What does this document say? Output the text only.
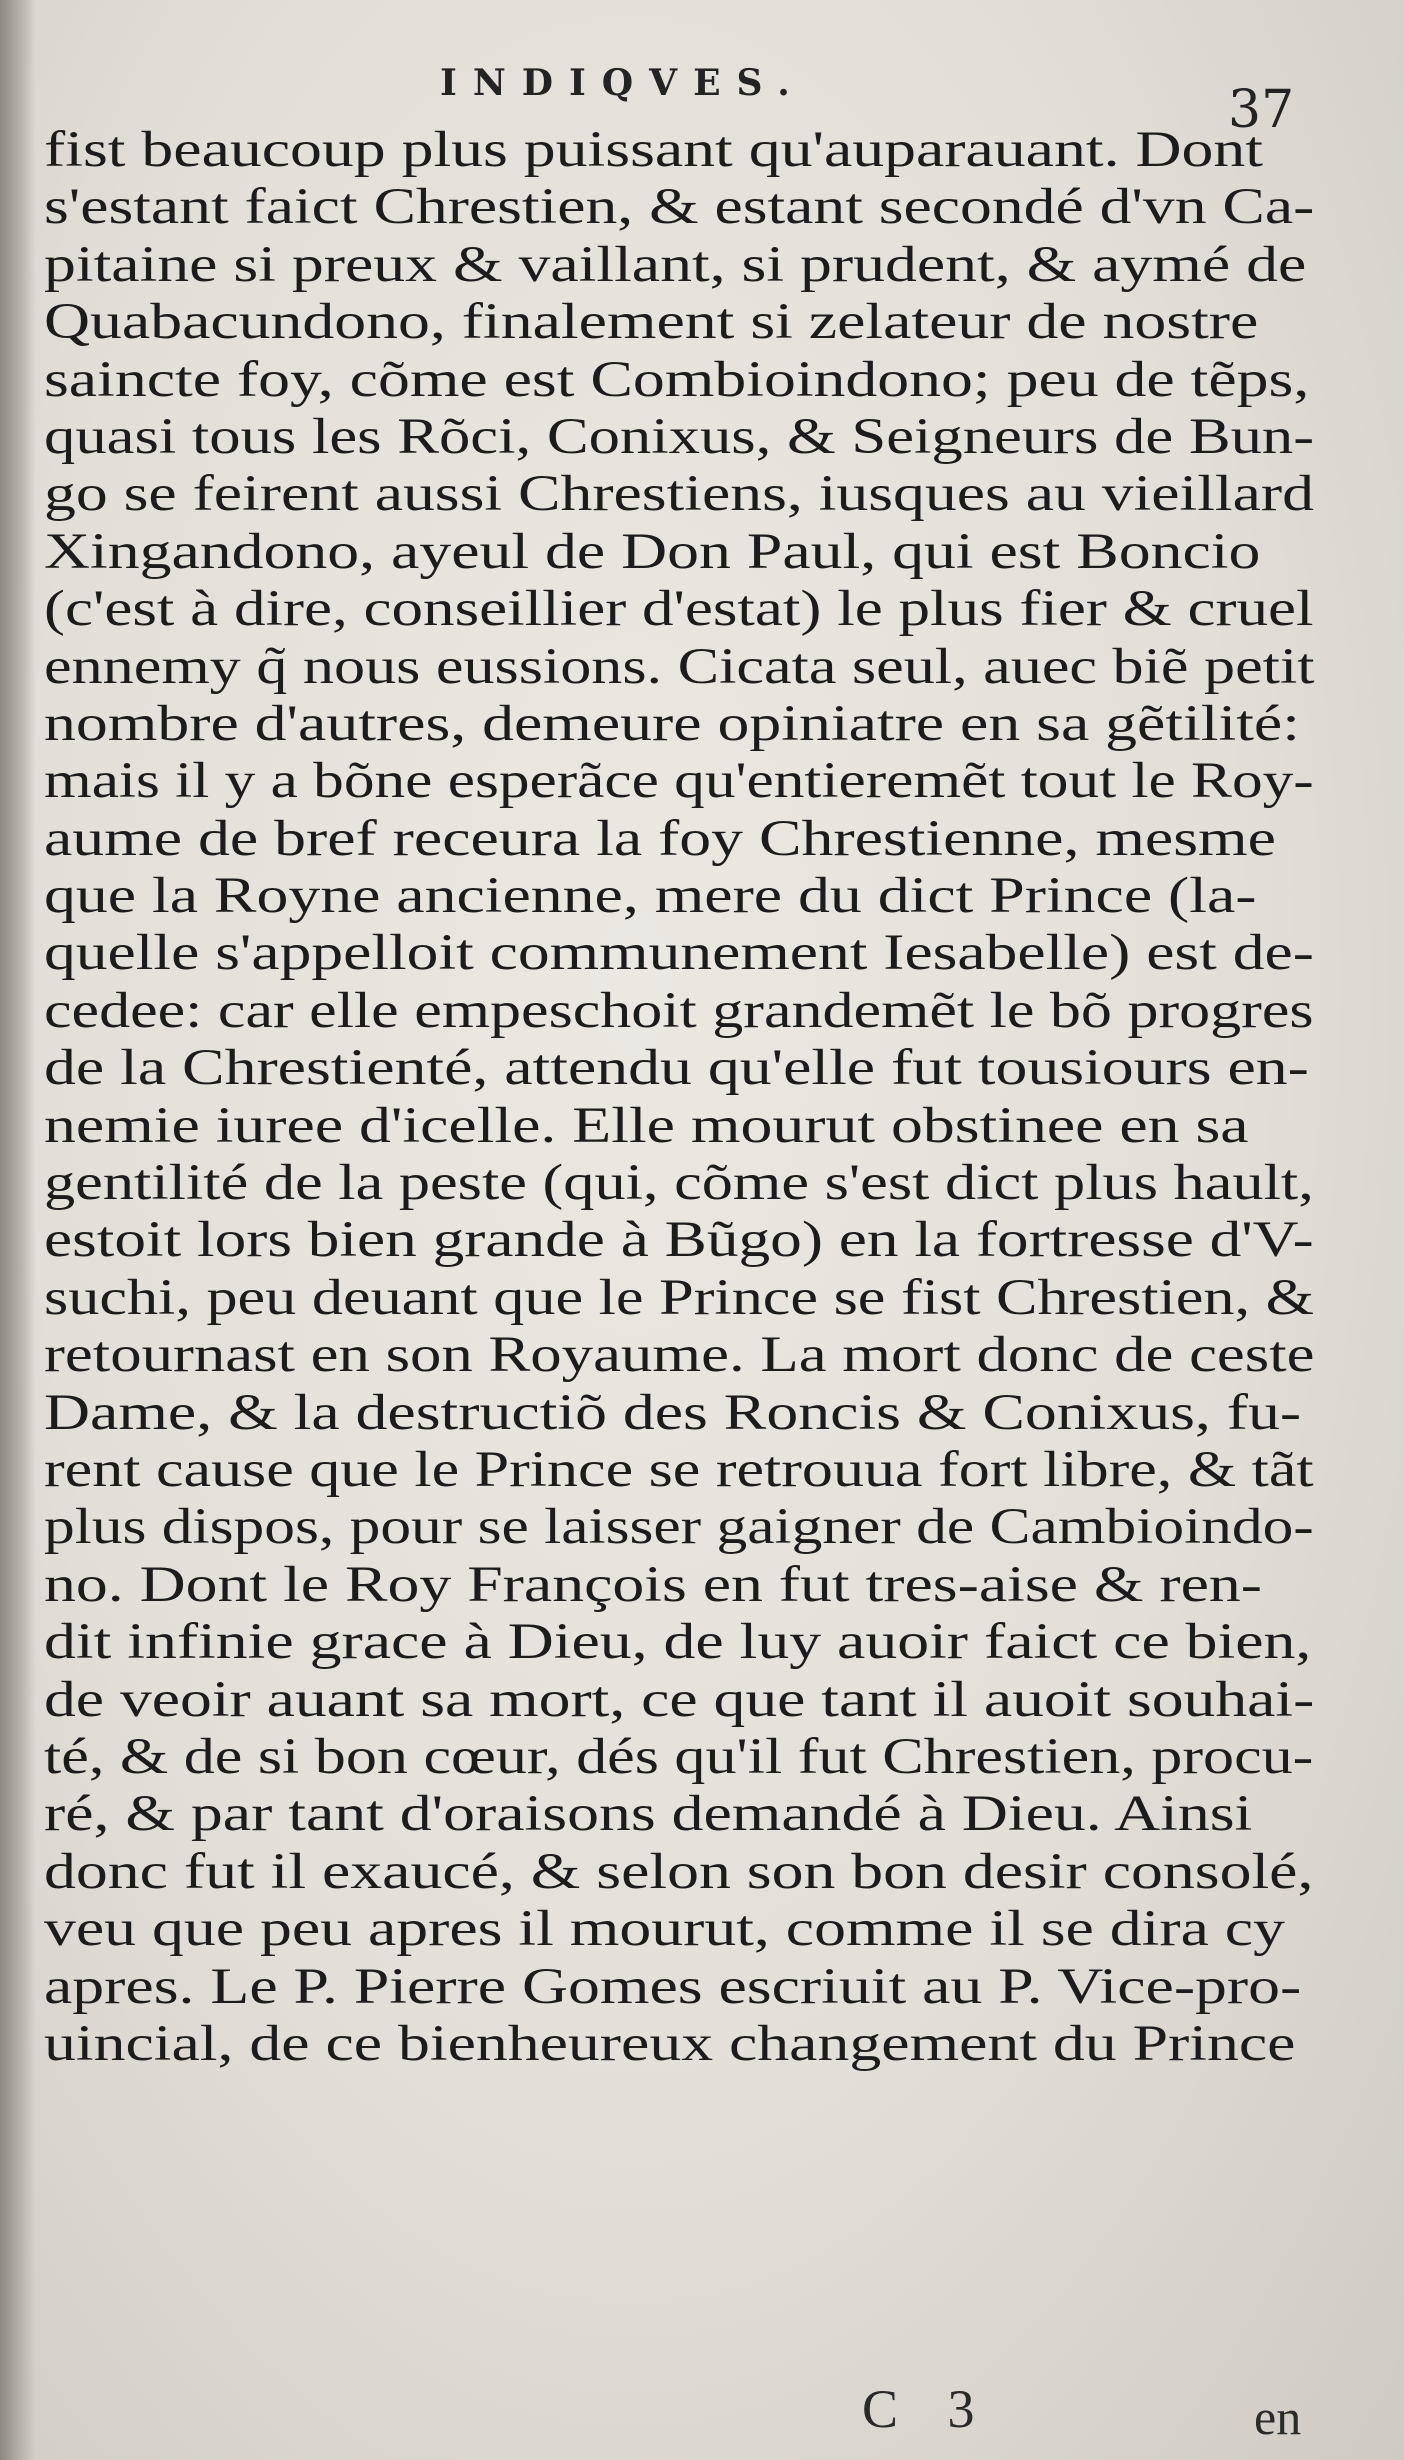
INDIQVES.	37
fist beaucoup plus puissant qu'auparauant. Dont
s'estant faict Chrestien, & estant secondé d'vn Ca-
pitaine si preux & vaillant, si prudent, & aymé de
Quabacundono, finalement si zelateur de nostre
saincte foy, cõme est Combioindono; peu de tẽps,
quasi tous les Rõci, Conixus, & Seigneurs de Bun-
go se feirent aussi Chrestiens, iusques au vieillard
Xingandono, ayeul de Don Paul, qui est Boncio
(c'est à dire, conseillier d'estat) le plus fier & cruel
ennemy q̃ nous eussions. Cicata seul, auec biẽ petit
nombre d'autres, demeure opiniatre en sa gẽtilité:
mais il y a bõne esperãce qu'entieremẽt tout le Roy-
aume de bref receura la foy Chrestienne, mesme
que la Royne ancienne, mere du dict Prince (la-
quelle s'appelloit communement Iesabelle) est de-
cedee: car elle empeschoit grandemẽt le bõ progres
de la Chrestienté, attendu qu'elle fut tousiours en-
nemie iuree d'icelle. Elle mourut obstinee en sa
gentilité de la peste (qui, cõme s'est dict plus hault,
estoit lors bien grande à Bũgo) en la fortresse d'V-
suchi, peu deuant que le Prince se fist Chrestien, &
retournast en son Royaume. La mort donc de ceste
Dame, & la destructiõ des Roncis & Conixus, fu-
rent cause que le Prince se retrouua fort libre, & tãt
plus dispos, pour se laisser gaigner de Cambioindo-
no. Dont le Roy François en fut tres-aise & ren-
dit infinie grace à Dieu, de luy auoir faict ce bien,
de veoir auant sa mort, ce que tant il auoit souhai-
té, & de si bon cœur, dés qu'il fut Chrestien, procu-
ré, & par tant d'oraisons demandé à Dieu. Ainsi
donc fut il exaucé, & selon son bon desir consolé,
veu que peu apres il mourut, comme il se dira cy
apres. Le P. Pierre Gomes escriuit au P. Vice-pro-
uincial, de ce bienheureux changement du Prince
C 3	en
